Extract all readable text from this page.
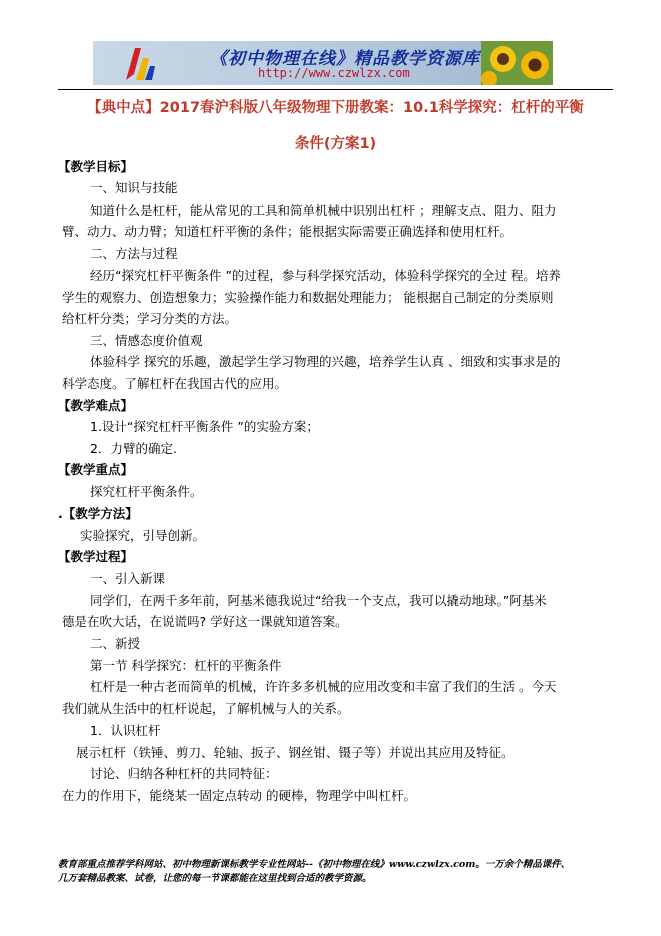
《初中物理在线》精品教学资源库
http://www.czwlzx.com
【典中点】2017春沪科版八年级物理下册教案：10.1科学探究：杠杆的平衡
条件(方案1)
【教学目标】
一、知识与技能
知道什么是杠杆，能从常见的工具和简单机械中识别出杠杆 ；理解支点、阻力、阻力
臂、动力、动力臂；知道杠杆平衡的条件；能根据实际需要正确选择和使用杠杆。
二、方法与过程
经历“探究杠杆平衡条件 ”的过程，参与科学探究活动，体验科学探究的全过 程。培养
学生的观察力、创造想象力；实验操作能力和数据处理能力； 能根据自己制定的分类原则
给杠杆分类；学习分类的方法。
三、情感态度价值观
体验科学 探究的乐趣，激起学生学习物理的兴趣，培养学生认真 、细致和实事求是的
科学态度。了解杠杆在我国古代的应用。
【教学难点】
1.设计“探究杠杆平衡条件 ”的实验方案；
2．力臂的确定.
【教学重点】
探究杠杆平衡条件。
.【教学方法】
实验探究，引导创新。
【教学过程】
一、引入新课
同学们，在两千多年前，阿基米德我说过“给我一个支点，我可以撬动地球。”阿基米
德是在吹大话，在说谎吗? 学好这一课就知道答案。
二、新授
第一节 科学探究：杠杆的平衡条件
杠杆是一种古老而简单的机械，许许多多机械的应用改变和丰富了我们的生活 。今天
我们就从生活中的杠杆说起，了解机械与人的关系。
1．认识杠杆
展示杠杆（铁锤、剪刀、轮轴、扳子、钢丝钳、镊子等）并说出其应用及特征。
讨论、归纳各种杠杆的共同特征：
在力的作用下，能绕某一固定点转动 的硬棒，物理学中叫杠杆。
教育部重点推荐学科网站、初中物理新课标教学专业性网站--《初中物理在线》www.czwlzx.com。一万余个精品课件、
几万套精品教案、试卷，让您的每一节课都能在这里找到合适的教学资源。
